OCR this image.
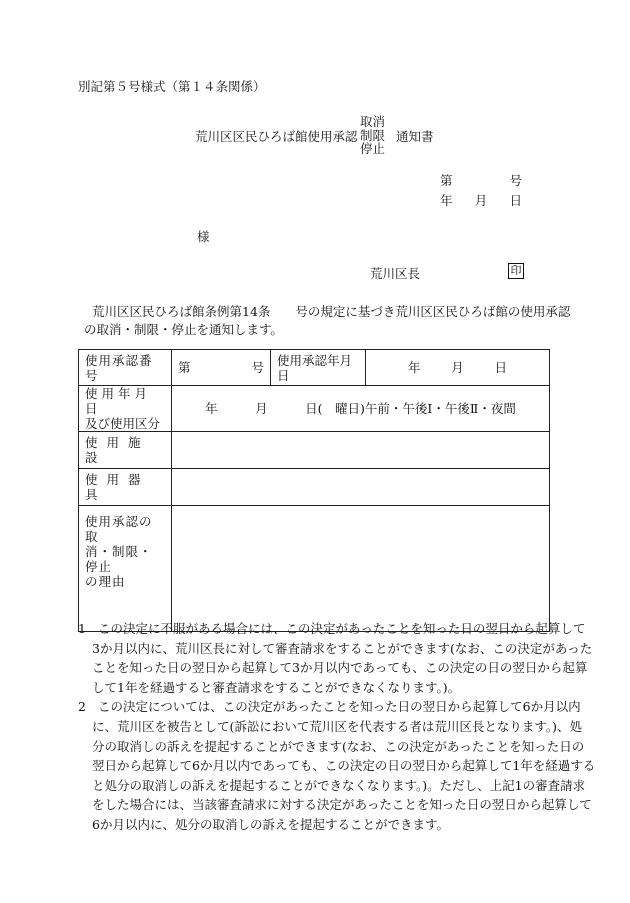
別記第５号様式（第１４条関係）
荒川区区民ひろば館使用承認
取消
制限
停止
通知書
第	号
年 月 日
様
荒川区長	印
荒川区区民ひろば館条例第14条　　号の規定に基づき荒川区区民ひろば館の使用承認
の取消・制限・停止を通知します。
使用承認番号	第 号	使用承認年月日	年 月 日

使用年月日
及び使用区分	年　　　月　　　日(　曜日)午前・午後Ⅰ・午後Ⅱ・夜間		
使用施設			
使用器具			

使用承認の取
消・制限・停止
の理由			

1 この決定に不服がある場合には、この決定があったことを知った日の翌日から起算して
3か月以内に、荒川区長に対して審査請求をすることができます(なお、この決定があった
ことを知った日の翌日から起算して3か月以内であっても、この決定の日の翌日から起算
して1年を経過すると審査請求をすることができなくなります。)。
2 この決定については、この決定があったことを知った日の翌日から起算して6か月以内
に、荒川区を被告として(訴訟において荒川区を代表する者は荒川区長となります。)、処
分の取消しの訴えを提起することができます(なお、この決定があったことを知った日の
翌日から起算して6か月以内であっても、この決定の日の翌日から起算して1年を経過する
と処分の取消しの訴えを提起することができなくなります。)。ただし、上記1の審査請求
をした場合には、当該審査請求に対する決定があったことを知った日の翌日から起算して
6か月以内に、処分の取消しの訴えを提起することができます。
